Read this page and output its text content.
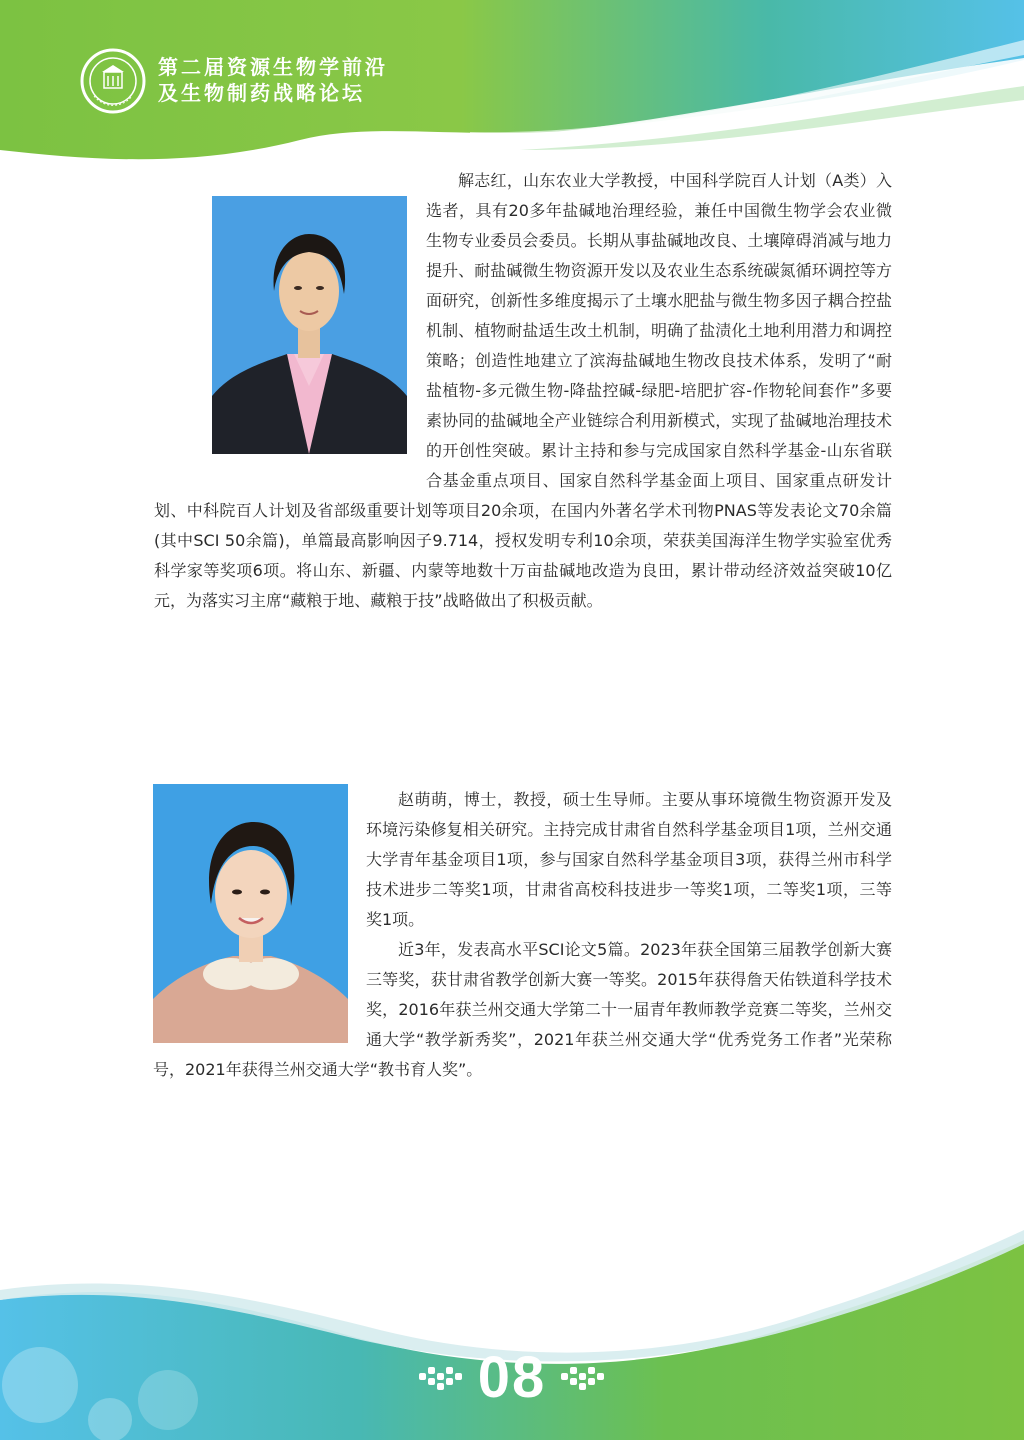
第二届资源生物学前沿
及生物制药战略论坛

解志红，山东农业大学教授，中国科学院百人计划（A类）入选者，具有20多年盐碱地治理经验，兼任中国微生物学会农业微生物专业委员会委员。长期从事盐碱地改良、土壤障碍消减与地力提升、耐盐碱微生物资源开发以及农业生态系统碳氮循环调控等方面研究，创新性多维度揭示了土壤水肥盐与微生物多因子耦合控盐机制、植物耐盐适生改土机制，明确了盐渍化土地利用潜力和调控策略；创造性地建立了滨海盐碱地生物改良技术体系，发明了“耐盐植物-多元微生物-降盐控碱-绿肥-培肥扩容-作物轮间套作”多要素协同的盐碱地全产业链综合利用新模式，实现了盐碱地治理技术的开创性突破。累计主持和参与完成国家自然科学基金-山东省联合基金重点项目、国家自然科学基金面上项目、国家重点研发计划、中科院百人计划及省部级重要计划等项目20余项，在国内外著名学术刊物PNAS等发表论文70余篇(其中SCI 50余篇)，单篇最高影响因子9.714，授权发明专利10余项，荣获美国海洋生物学实验室优秀科学家等奖项6项。将山东、新疆、内蒙等地数十万亩盐碱地改造为良田，累计带动经济效益突破10亿元，为落实习主席“藏粮于地、藏粮于技”战略做出了积极贡献。

赵萌萌，博士，教授，硕士生导师。主要从事环境微生物资源开发及环境污染修复相关研究。主持完成甘肃省自然科学基金项目1项，兰州交通大学青年基金项目1项，参与国家自然科学基金项目3项，获得兰州市科学技术进步二等奖1项，甘肃省高校科技进步一等奖1项，二等奖1项，三等奖1项。

近3年，发表高水平SCI论文5篇。2023年获全国第三届教学创新大赛三等奖，获甘肃省教学创新大赛一等奖。2015年获得詹天佑铁道科学技术奖，2016年获兰州交通大学第二十一届青年教师教学竞赛二等奖，兰州交通大学“教学新秀奖”，2021年获兰州交通大学“优秀党务工作者”光荣称号，2021年获得兰州交通大学“教书育人奖”。

08
